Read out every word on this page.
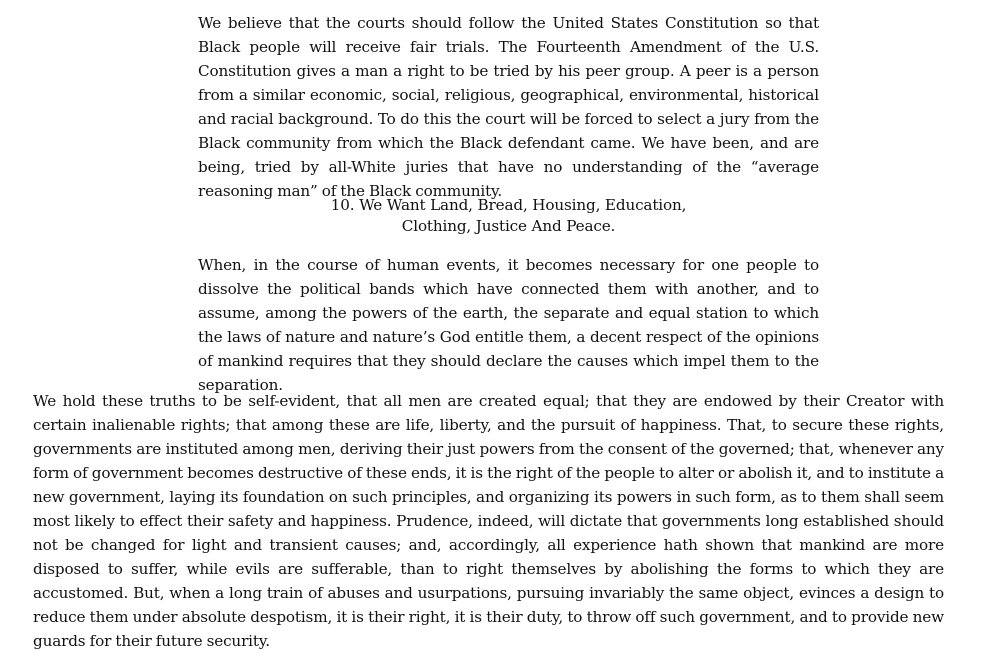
We believe that the courts should follow the United States Constitution so that Black people will receive fair trials. The Fourteenth Amendment of the U.S. Constitution gives a man a right to be tried by his peer group. A peer is a person from a similar economic, social, religious, geographical, environmental, historical and racial background. To do this the court will be forced to select a jury from the Black community from which the Black defendant came. We have been, and are being, tried by all-White juries that have no understanding of the “average reasoning man” of the Black community.

10. We Want Land, Bread, Housing, Education,
Clothing, Justice And Peace.

When, in the course of human events, it becomes necessary for one people to dissolve the political bands which have connected them with another, and to assume, among the powers of the earth, the separate and equal station to which the laws of nature and nature’s God entitle them, a decent respect of the opinions of mankind requires that they should declare the causes which impel them to the separation.

We hold these truths to be self-evident, that all men are created equal; that they are endowed by their Creator with certain inalienable rights; that among these are life, liberty, and the pursuit of happiness. That, to secure these rights, governments are instituted among men, deriving their just powers from the consent of the governed; that, whenever any form of government becomes destructive of these ends, it is the right of the people to alter or abolish it, and to institute a new government, laying its foundation on such principles, and organizing its powers in such form, as to them shall seem most likely to effect their safety and happiness. Prudence, indeed, will dictate that governments long established should not be changed for light and transient causes; and, accordingly, all experience hath shown that mankind are more disposed to suffer, while evils are sufferable, than to right themselves by abolishing the forms to which they are accustomed. But, when a long train of abuses and usurpations, pursuing invariably the same object, evinces a design to reduce them under absolute despotism, it is their right, it is their duty, to throw off such government, and to provide new guards for their future security.
